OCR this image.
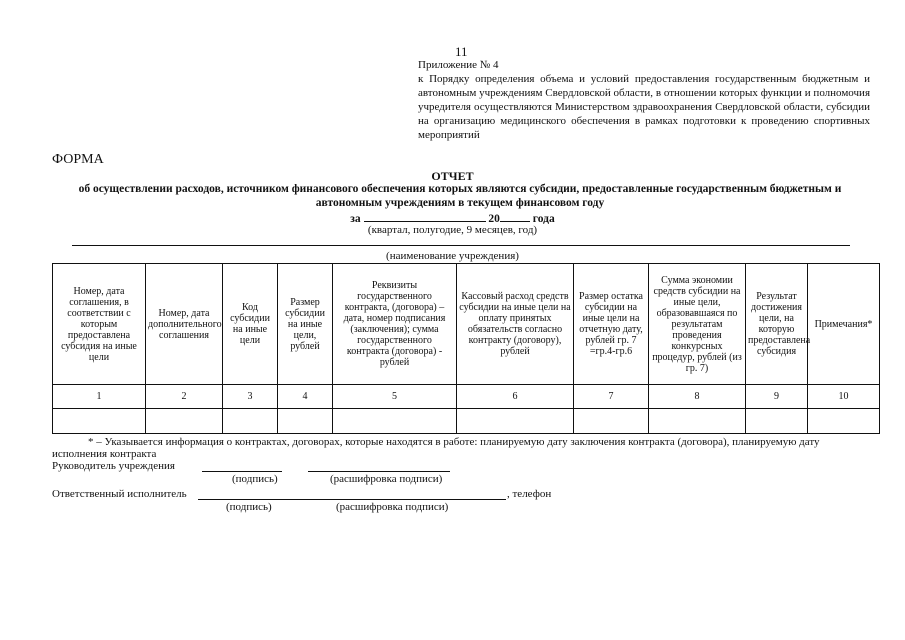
11
Приложение № 4
к Порядку определения объема и условий предоставления государственным бюджетным и автономным учреждениям Свердловской области, в отношении которых функции и полномочия учредителя осуществляются Министерством здравоохранения Свердловской области, субсидии на организацию медицинского обеспечения в рамках подготовки к проведению спортивных мероприятий
ФОРМА
ОТЧЕТ
об осуществлении расходов, источником финансового обеспечения которых являются субсидии, предоставленные государственным бюджетным и автономным учреждениям в текущем финансовом году
за	20	года
(квартал, полугодие, 9 месяцев, год)
(наименование учреждения)
Номер, дата соглашения, в соответствии с которым предоставлена субсидия на иные цели	Номер, дата дополнительного соглашения	Код субсидии на иные цели	Размер субсидии на иные цели, рублей	Реквизиты государственного контракта, (договора) – дата, номер подписания (заключения); сумма государственного контракта (договора) - рублей	Кассовый расход средств субсидии на иные цели на оплату принятых обязательств согласно контракту (договору), рублей	Размер остатка субсидии на иные цели на отчетную дату, рублей гр. 7 =гр.4-гр.6	Сумма экономии средств субсидии на иные цели, образовавшаяся по результатам проведения конкурсных процедур, рублей (из гр. 7)	Результат достижения цели, на которую предоставлена субсидия	Примечания*
1	2	3	4	5	6	7	8	9	10

* – Указывается информация о контрактах, договорах, которые находятся в работе: планируемую дату заключения контракта (договора), планируемую дату исполнения контракта
Руководитель учреждения
(подпись)	(расшифровка подписи)
Ответственный исполнитель	, телефон
(подпись)	(расшифровка подписи)
